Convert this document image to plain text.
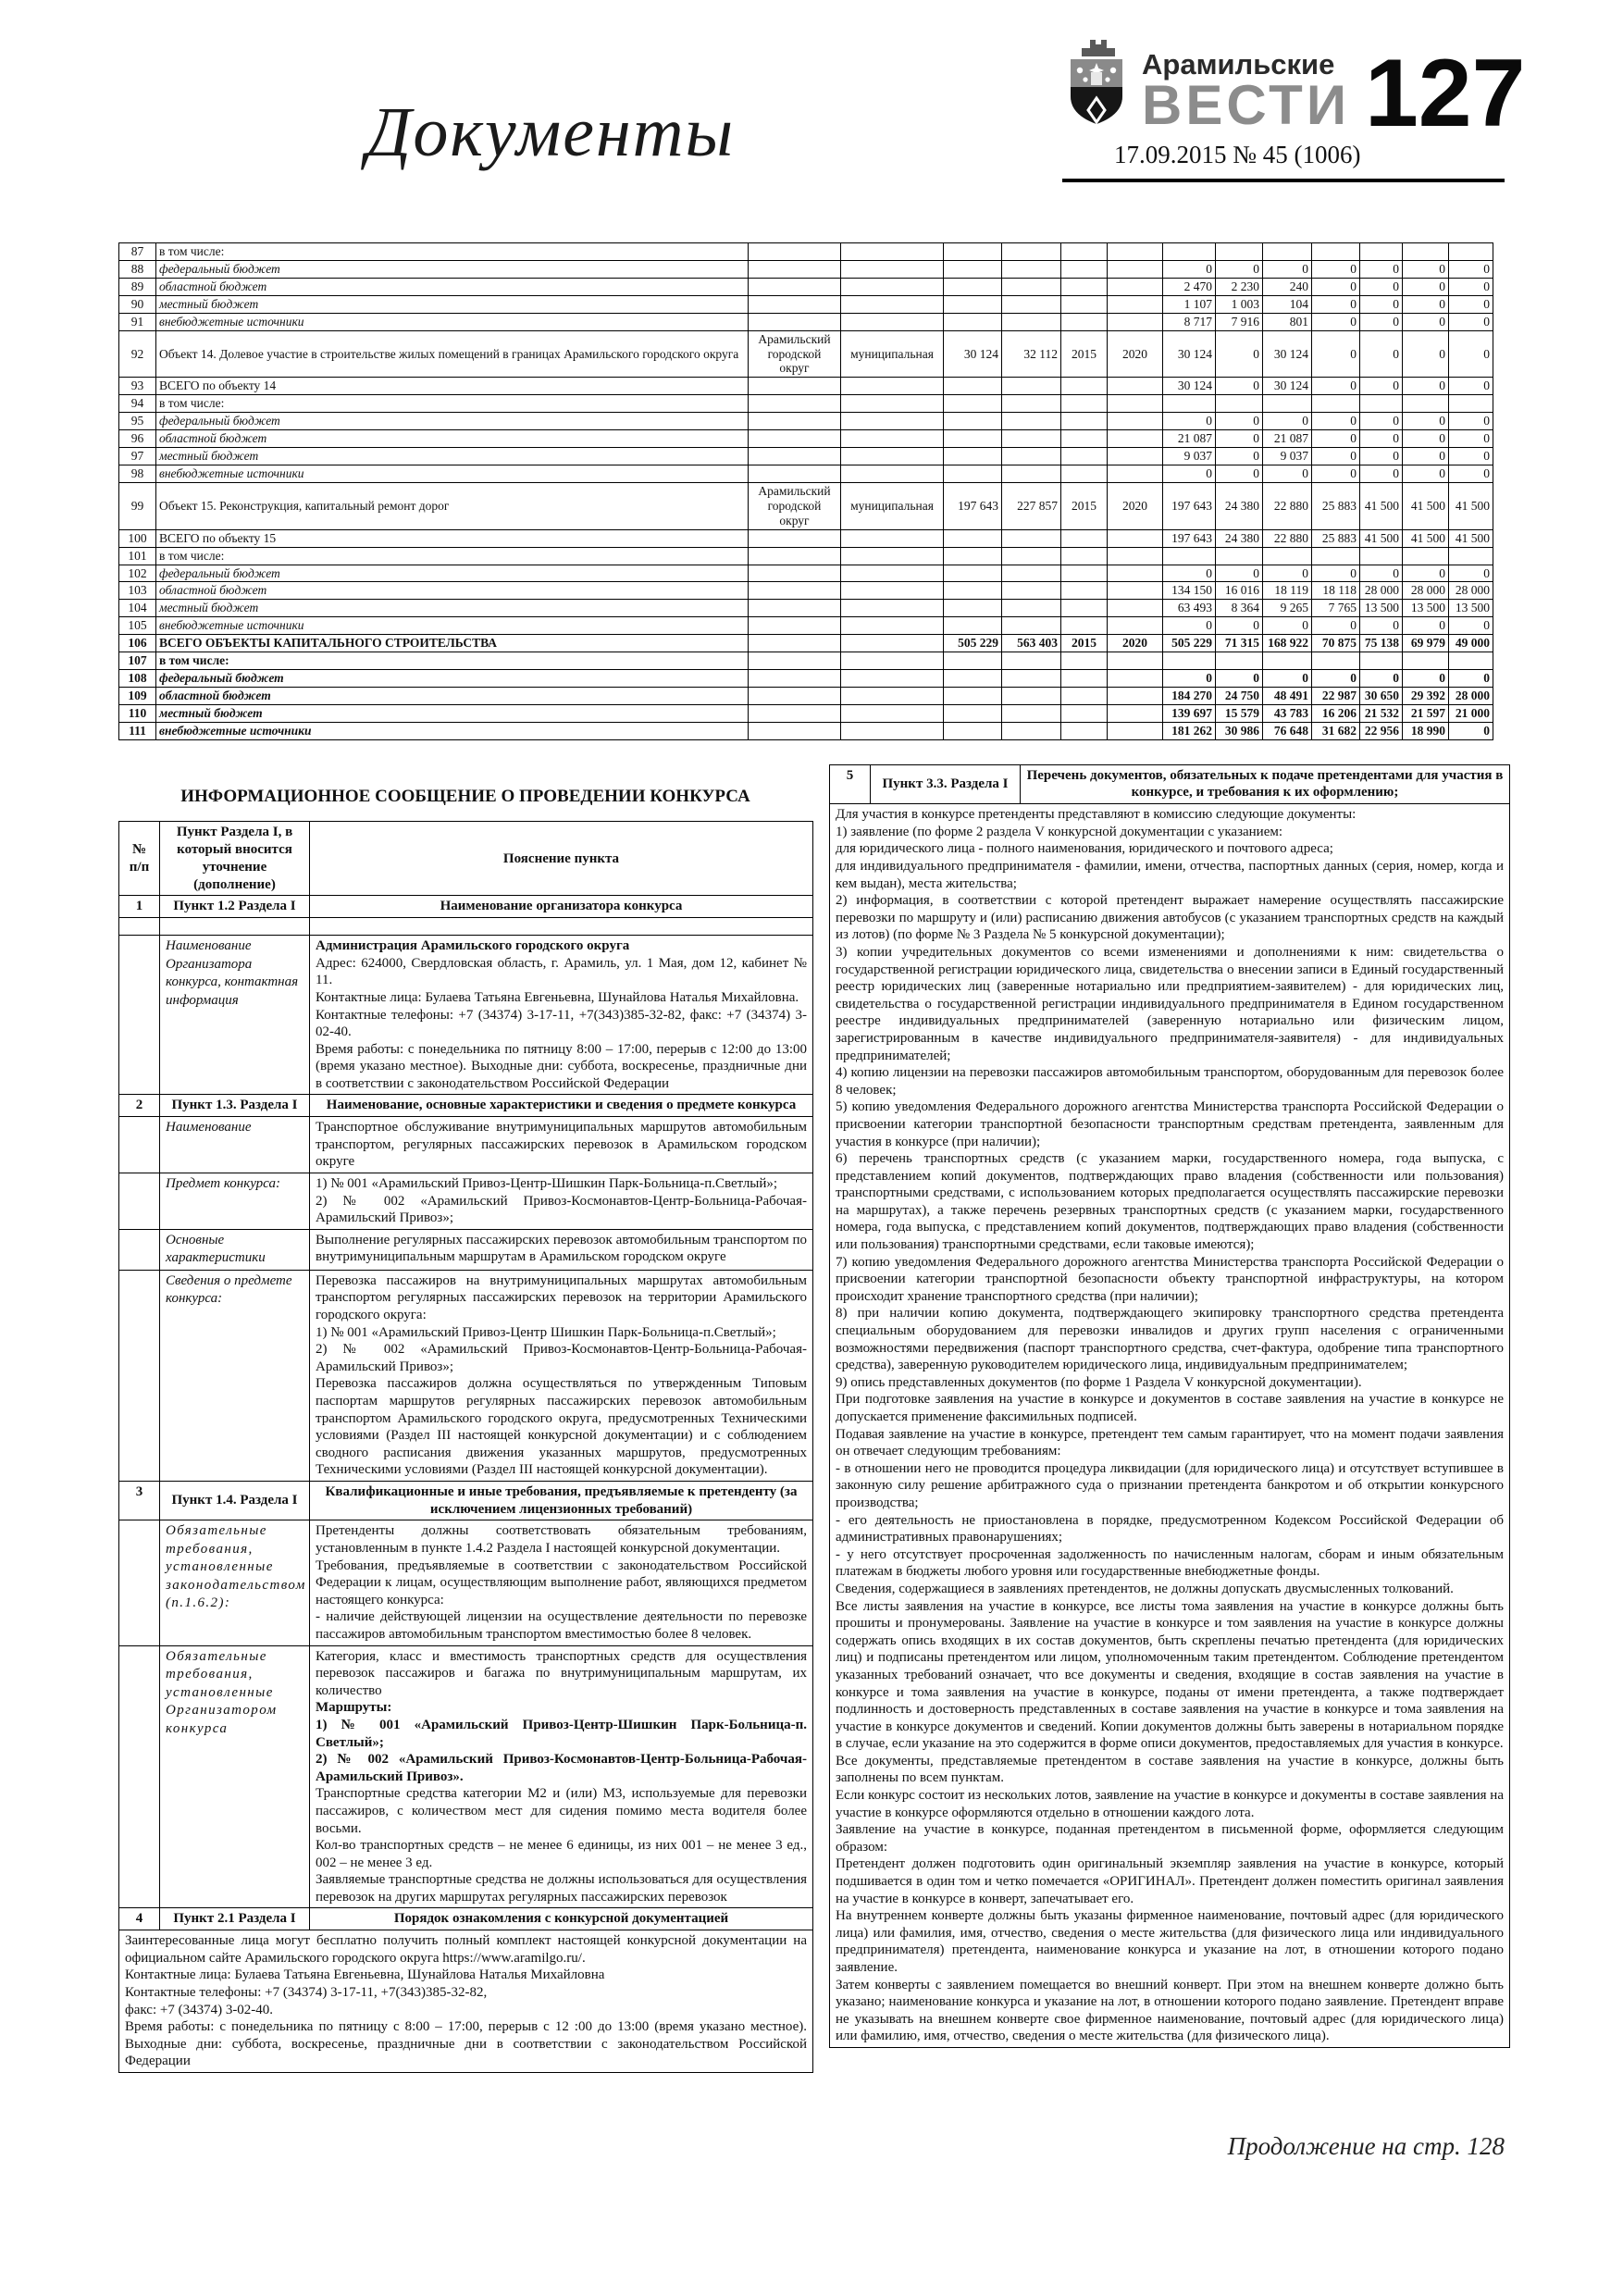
Документы
Арамильские
ВЕСТИ 127
17.09.2015 № 45 (1006)
87	в том числе:													
88	федеральный бюджет							0	0	0	0	0	0	0
89	областной бюджет							2 470	2 230	240	0	0	0	0
90	местный бюджет							1 107	1 003	104	0	0	0	0
91	внебюджетные источники							8 717	7 916	801	0	0	0	0
92	Объект 14. Долевое участие в строительстве жилых помещений в границах Арамильского городского округа	Арамильский городской округ	муниципальная	30 124	32 112	2015	2020	30 124	0	30 124	0	0	0	0
93	ВСЕГО по объекту 14							30 124	0	30 124	0	0	0	0
94	в том числе:													
95	федеральный бюджет							0	0	0	0	0	0	0
96	областной бюджет							21 087	0	21 087	0	0	0	0
97	местный бюджет							9 037	0	9 037	0	0	0	0
98	внебюджетные источники							0	0	0	0	0	0	0
99	Объект 15. Реконструкция, капитальный ремонт дорог	Арамильский городской округ	муниципальная	197 643	227 857	2015	2020	197 643	24 380	22 880	25 883	41 500	41 500	41 500
100	ВСЕГО по объекту 15							197 643	24 380	22 880	25 883	41 500	41 500	41 500
101	в том числе:													
102	федеральный бюджет							0	0	0	0	0	0	0
103	областной бюджет							134 150	16 016	18 119	18 118	28 000	28 000	28 000
104	местный бюджет							63 493	8 364	9 265	7 765	13 500	13 500	13 500
105	внебюджетные источники							0	0	0	0	0	0	0
106	ВСЕГО ОБЪЕКТЫ КАПИТАЛЬНОГО СТРОИТЕЛЬСТВА			505 229	563 403	2015	2020	505 229	71 315	168 922	70 875	75 138	69 979	49 000
107	в том числе:													
108	федеральный бюджет							0	0	0	0	0	0	0
109	областной бюджет							184 270	24 750	48 491	22 987	30 650	29 392	28 000
110	местный бюджет							139 697	15 579	43 783	16 206	21 532	21 597	21 000
111	внебюджетные источники							181 262	30 986	76 648	31 682	22 956	18 990	0
ИНФОРМАЦИОННОЕ СООБЩЕНИЕ О ПРОВЕДЕНИИ КОНКУРСА
№ п/п	Пункт Раздела I, в который вносится уточнение (дополнение)	Пояснение пункта
1	Пункт 1.2 Раздела I	Наименование организатора конкурса

	Наименование Организатора конкурса, контактная информация	Администрация Арамильского городского округа
Адрес: 624000, Свердловская область, г. Арамиль, ул. 1 Мая, дом 12, кабинет № 11.
Контактные лица: Булаева Татьяна Евгеньевна, Шунайлова Наталья Михайловна.
Контактные телефоны: +7 (34374) 3-17-11, +7(343)385-32-82, факс: +7 (34374) 3-02-40.
Время работы: с понедельника по пятницу 8:00 – 17:00, перерыв с 12:00 до 13:00 (время указано местное). Выходные дни: суббота, воскресенье, праздничные дни в соответствии с законодательством Российской Федерации

2	Пункт 1.3. Раздела I	Наименование, основные характеристики и сведения о предмете конкурса
	Наименование	Транспортное обслуживание внутримуниципальных маршрутов автомобильным транспортом, регулярных пассажирских перевозок в Арамильском городском округе

	Предмет конкурса:	1) № 001 «Арамильский Привоз-Центр-Шишкин Парк-Больница-п.Светлый»;
2) № 002 «Арамильский Привоз-Космонавтов-Центр-Больница-Рабочая-Арамильский Привоз»;

	Основные характеристики	Выполнение регулярных пассажирских перевозок автомобильным транспортом по внутримуниципальным маршрутам в Арамильском городском округе

	Сведения о предмете конкурса:	Перевозка пассажиров на внутримуниципальных маршрутах автомобильным транспортом регулярных пассажирских перевозок на территории Арамильского городского округа:
1) № 001 «Арамильский Привоз-Центр Шишкин Парк-Больница-п.Светлый»;
2) № 002 «Арамильский Привоз-Космонавтов-Центр-Больница-Рабочая-Арамильский Привоз»;
Перевозка пассажиров должна осуществляться по утвержденным Типовым паспортам маршрутов регулярных пассажирских перевозок автомобильным транспортом Арамильского городского округа, предусмотренных Техническими условиями (Раздел III настоящей конкурсной документации) и с соблюдением сводного расписания движения указанных маршрутов, предусмотренных Техническими условиями (Раздел III настоящей конкурсной документации).

3	Пункт 1.4. Раздела I	Квалификационные и иные требования, предъявляемые к претенденту (за исключением лицензионных требований)
	Обязательные требования, установленные законодательством (п.1.6.2):	Претенденты должны соответствовать обязательным требованиям, установленным в пункте 1.4.2 Раздела I настоящей конкурсной документации.
Требования, предъявляемые в соответствии с законодательством Российской Федерации к лицам, осуществляющим выполнение работ, являющихся предметом настоящего конкурса:
- наличие действующей лицензии на осуществление деятельности по перевозке пассажиров автомобильным транспортом вместимостью более 8 человек.

	Обязательные требования, установленные Организатором конкурса	
Категория, класс и вместимость транспортных средств для осуществления перевозок пассажиров и багажа по внутримуниципальным маршрутам, их количество
Маршруты:
1) № 001 «Арамильский Привоз-Центр-Шишкин Парк-Больница-п. Светлый»;
2) № 002 «Арамильский Привоз-Космонавтов-Центр-Больница-Рабочая-Арамильский Привоз».
Транспортные средства категории М2 и (или) М3, используемые для перевозки пассажиров, с количеством мест для сидения помимо места водителя более восьми.
Кол-во транспортных средств – не менее 6 единицы, из них 001 – не менее 3 ед., 002 – не менее 3 ед.
Заявляемые транспортные средства не должны использоваться для осуществления перевозок на других маршрутах регулярных пассажирских перевозок

4	Пункт 2.1 Раздела I	Порядок ознакомления с конкурсной документацией

Заинтересованные лица могут бесплатно получить полный комплект настоящей конкурсной документации на официальном сайте Арамильского городского округа https://www.aramilgo.ru/.
Контактные лица: Булаева Татьяна Евгеньевна, Шунайлова Наталья Михайловна
Контактные телефоны: +7 (34374) 3-17-11, +7(343)385-32-82,
факс: +7 (34374) 3-02-40.
Время работы: с понедельника по пятницу с 8:00 – 17:00, перерыв с 12 :00 до 13:00 (время указано местное). Выходные дни: суббота, воскресенье, праздничные дни в соответствии с законодательством Российской Федерации		
5	Пункт 3.3. Раздела I	Перечень документов, обязательных к подаче претендентами для участия в конкурсе, и требования к их оформлению;

Для участия в конкурсе претенденты представляют в комиссию следующие документы:
1) заявление (по форме 2 раздела V конкурсной документации с указанием:
для юридического лица - полного наименования, юридического и почтового адреса;
для индивидуального предпринимателя - фамилии, имени, отчества, паспортных данных (серия, номер, когда и кем выдан), места жительства;
2) информация, в соответствии с которой претендент выражает намерение осуществлять пассажирские перевозки по маршруту и (или) расписанию движения автобусов (с указанием транспортных средств на каждый из лотов) (по форме № 3 Раздела № 5 конкурсной документации);
3) копии учредительных документов со всеми изменениями и дополнениями к ним: свидетельства о государственной регистрации юридического лица, свидетельства о внесении записи в Единый государственный реестр юридических лиц (заверенные нотариально или предприятием-заявителем) - для юридических лиц, свидетельства о государственной регистрации индивидуального предпринимателя в Едином государственном реестре индивидуальных предпринимателей (заверенную нотариально или физическим лицом, зарегистрированным в качестве индивидуального предпринимателя-заявителя) - для индивидуальных предпринимателей;
4) копию лицензии на перевозки пассажиров автомобильным транспортом, оборудованным для перевозок более 8 человек;
5) копию уведомления Федерального дорожного агентства Министерства транспорта Российской Федерации о присвоении категории транспортной безопасности транспортным средствам претендента, заявленным для участия в конкурсе (при наличии);
6) перечень транспортных средств (с указанием марки, государственного номера, года выпуска, с представлением копий документов, подтверждающих право владения (собственности или пользования) транспортными средствами, с использованием которых предполагается осуществлять пассажирские перевозки на маршрутах), а также перечень резервных транспортных средств (с указанием марки, государственного номера, года выпуска, с представлением копий документов, подтверждающих право владения (собственности или пользования) транспортными средствами, если таковые имеются);
7) копию уведомления Федерального дорожного агентства Министерства транспорта Российской Федерации о присвоении категории транспортной безопасности объекту транспортной инфраструктуры, на котором происходит хранение транспортного средства (при наличии);
8) при наличии копию документа, подтверждающего экипировку транспортного средства претендента специальным оборудованием для перевозки инвалидов и других групп населения с ограниченными возможностями передвижения (паспорт транспортного средства, счет-фактура, одобрение типа транспортного средства), заверенную руководителем юридического лица, индивидуальным предпринимателем;
9) опись представленных документов (по форме 1 Раздела V конкурсной документации).
При подготовке заявления на участие в конкурсе и документов в составе заявления на участие в конкурсе не допускается применение факсимильных подписей.
Подавая заявление на участие в конкурсе, претендент тем самым гарантирует, что на момент подачи заявления он отвечает следующим требованиям:
- в отношении него не проводится процедура ликвидации (для юридического лица) и отсутствует вступившее в законную силу решение арбитражного суда о признании претендента банкротом и об открытии конкурсного производства;
- его деятельность не приостановлена в порядке, предусмотренном Кодексом Российской Федерации об административных правонарушениях;
- у него отсутствует просроченная задолженность по начисленным налогам, сборам и иным обязательным платежам в бюджеты любого уровня или государственные внебюджетные фонды.
Сведения, содержащиеся в заявлениях претендентов, не должны допускать двусмысленных толкований.
Все листы заявления на участие в конкурсе, все листы тома заявления на участие в конкурсе должны быть прошиты и пронумерованы. Заявление на участие в конкурсе и том заявления на участие в конкурсе должны содержать опись входящих в их состав документов, быть скреплены печатью претендента (для юридических лиц) и подписаны претендентом или лицом, уполномоченным таким претендентом. Соблюдение претендентом указанных требований означает, что все документы и сведения, входящие в состав заявления на участие в конкурсе и тома заявления на участие в конкурсе, поданы от имени претендента, а также подтверждает подлинность и достоверность представленных в составе заявления на участие в конкурсе и тома заявления на участие в конкурсе документов и сведений. Копии документов должны быть заверены в нотариальном порядке в случае, если указание на это содержится в форме описи документов, предоставляемых для участия в конкурсе.
Все документы, представляемые претендентом в составе заявления на участие в конкурсе, должны быть заполнены по всем пунктам.
Если конкурс состоит из нескольких лотов, заявление на участие в конкурсе и документы в составе заявления на участие в конкурсе оформляются отдельно в отношении каждого лота.
Заявление на участие в конкурсе, поданная претендентом в письменной форме, оформляется следующим образом:
Претендент должен подготовить один оригинальный экземпляр заявления на участие в конкурсе, который подшивается в один том и четко помечается «ОРИГИНАЛ». Претендент должен поместить оригинал заявления на участие в конкурсе в конверт, запечатывает его.
На внутреннем конверте должны быть указаны фирменное наименование, почтовый адрес (для юридического лица) или фамилия, имя, отчество, сведения о месте жительства (для физического лица или индивидуального предпринимателя) претендента, наименование конкурса и указание на лот, в отношении которого подано заявление.
Затем конверты с заявлением помещается во внешний конверт. При этом на внешнем конверте должно быть указано; наименование конкурса и указание на лот, в отношении которого подано заявление. Претендент вправе не указывать на внешнем конверте свое фирменное наименование, почтовый адрес (для юридического лица) или фамилию, имя, отчество, сведения о месте жительства (для физического лица).
Продолжение на стр. 128
